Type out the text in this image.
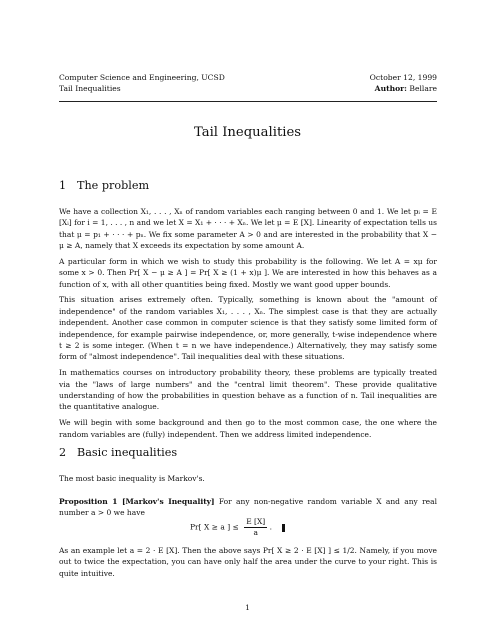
Computer Science and Engineering, UCSD
Tail Inequalities
October 12, 1999
Author: Bellare
Tail Inequalities
1 The problem

We have a collection X₁, . . . , Xₙ of random variables each ranging between 0 and 1. We let pᵢ = E [Xᵢ] for i = 1, . . . , n and we let X = X₁ + · · · + Xₙ. We let μ = E [X]. Linearity of expectation tells us that μ = p₁ + · · · + pₙ. We fix some parameter A > 0 and are interested in the probability that X − μ ≥ A, namely that X exceeds its expectation by some amount A.

A particular form in which we wish to study this probability is the following. We let A = xμ for some x > 0. Then Pr[ X − μ ≥ A ] = Pr[ X ≥ (1 + x)μ ]. We are interested in how this behaves as a function of x, with all other quantities being fixed. Mostly we want good upper bounds.

This situation arises extremely often. Typically, something is known about the "amount of independence" of the random variables X₁, . . . , Xₙ. The simplest case is that they are actually independent. Another case common in computer science is that they satisfy some limited form of independence, for example pairwise independence, or, more generally, t-wise independence where t ≥ 2 is some integer. (When t = n we have independence.) Alternatively, they may satisfy some form of "almost independence". Tail inequalities deal with these situations.

In mathematics courses on introductory probability theory, these problems are typically treated via the "laws of large numbers" and the "central limit theorem". These provide qualitative understanding of how the probabilities in question behave as a function of n. Tail inequalities are the quantitative analogue.

We will begin with some background and then go to the most common case, the one where the random variables are (fully) independent. Then we address limited independence.

2 Basic inequalities

The most basic inequality is Markov's.

Proposition 1 [Markov's Inequality] For any non-negative random variable X and any real number a > 0 we have

Pr[ X ≥ a ] ≤ $\frac{E [X]}{a}$ .

As an example let a = 2 · E [X]. Then the above says Pr[ X ≥ 2 · E [X] ] ≤ 1/2. Namely, if you move out to twice the expectation, you can have only half the area under the curve to your right. This is quite intuitive.

1
